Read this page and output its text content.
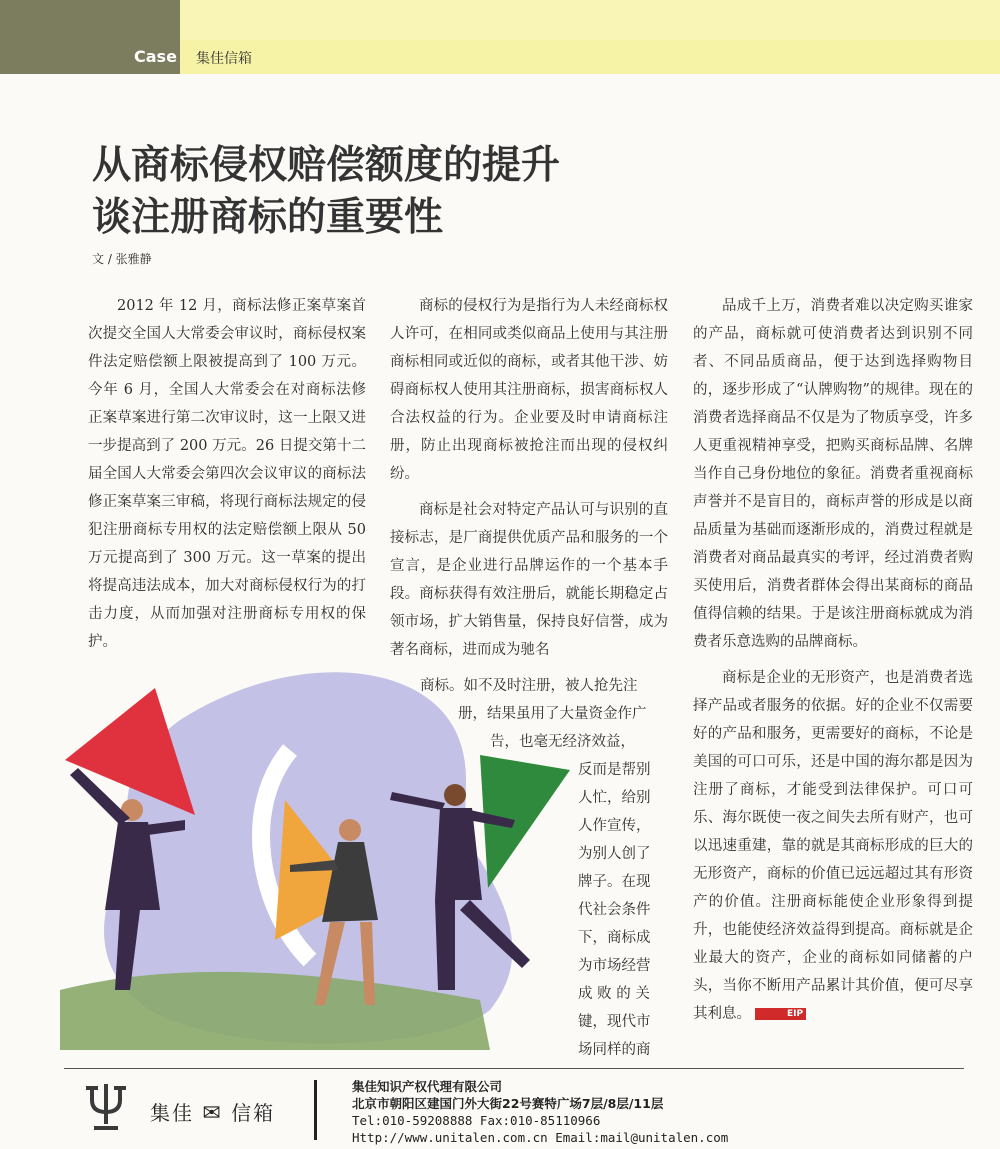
Case 集佳信箱
从商标侵权赔偿额度的提升
谈注册商标的重要性
文 / 张雅静

2012 年 12 月，商标法修正案草案首次提交全国人大常委会审议时，商标侵权案件法定赔偿额上限被提高到了 100 万元。今年 6 月，全国人大常委会在对商标法修正案草案进行第二次审议时，这一上限又进一步提高到了 200 万元。26 日提交第十二届全国人大常委会第四次会议审议的商标法修正案草案三审稿，将现行商标法规定的侵犯注册商标专用权的法定赔偿额上限从 50 万元提高到了 300 万元。这一草案的提出将提高违法成本，加大对商标侵权行为的打击力度，从而加强对注册商标专用权的保护。

商标的侵权行为是指行为人未经商标权人许可，在相同或类似商品上使用与其注册商标相同或近似的商标，或者其他干涉、妨碍商标权人使用其注册商标，损害商标权人合法权益的行为。企业要及时申请商标注册，防止出现商标被抢注而出现的侵权纠纷。

商标是社会对特定产品认可与识别的直接标志，是厂商提供优质产品和服务的一个宣言，是企业进行品牌运作的一个基本手段。商标获得有效注册后，就能长期稳定占领市场，扩大销售量，保持良好信誉，成为著名商标，进而成为驰名

商标。如不及时注册，被人抢先注
册，结果虽用了大量资金作广
告，也毫无经济效益，
反而是帮别
人忙，给别
人作宣传，
为别人创了
牌子。在现
代社会条件
下，商标成
为市场经营
成 败 的 关
键，现代市
场同样的商

品成千上万，消费者难以决定购买谁家的产品，商标就可使消费者达到识别不同者、不同品质商品，便于达到选择购物目的，逐步形成了“认牌购物”的规律。现在的消费者选择商品不仅是为了物质享受，许多人更重视精神享受，把购买商标品牌、名牌当作自己身份地位的象征。消费者重视商标声誉并不是盲目的，商标声誉的形成是以商品质量为基础而逐渐形成的，消费过程就是消费者对商品最真实的考评，经过消费者购买使用后，消费者群体会得出某商标的商品值得信赖的结果。于是该注册商标就成为消费者乐意选购的品牌商标。

商标是企业的无形资产，也是消费者选择产品或者服务的依据。好的企业不仅需要好的产品和服务，更需要好的商标，不论是美国的可口可乐，还是中国的海尔都是因为注册了商标，才能受到法律保护。可口可乐、海尔既使一夜之间失去所有财产，也可以迅速重建，靠的就是其商标形成的巨大的无形资产，商标的价值已远远超过其有形资产的价值。注册商标能使企业形象得到提升，也能使经济效益得到提高。商标就是企业最大的资产，企业的商标如同储蓄的户头，当你不断用产品累计其价值，便可尽享其利息。	EIP

集佳 ✉ 信箱
集佳知识产权代理有限公司
北京市朝阳区建国门外大街22号赛特广场7层/8层/11层
Tel:010-59208888 Fax:010-85110966
Http://www.unitalen.com.cn Email:mail@unitalen.com
